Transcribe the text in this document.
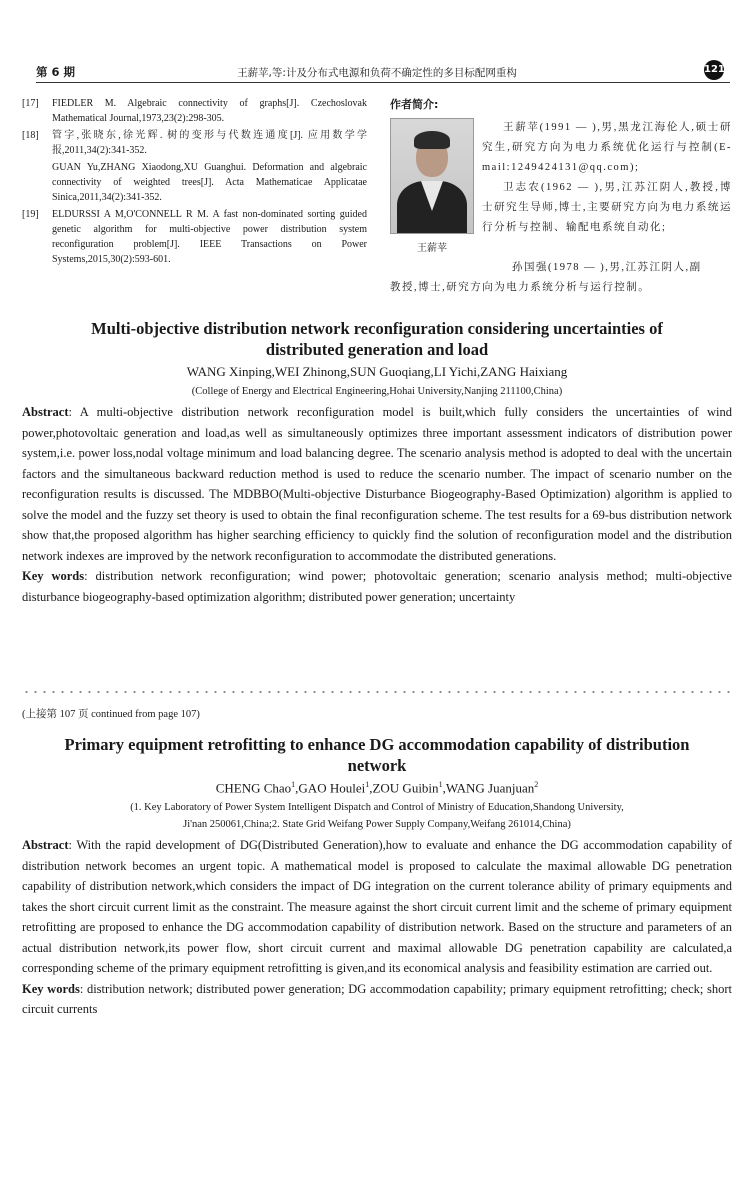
第 6 期	王薪苹,等:计及分布式电源和负荷不确定性的多目标配网重构	121
[17]	FIEDLER M. Algebraic connectivity of graphs[J]. Czechoslovak Mathematical Journal,1973,23(2):298-305.
[18]	管字,张晓东,徐光辉. 树的变形与代数连通度[J]. 应用数学学报,2011,34(2):341-352.
GUAN Yu,ZHANG Xiaodong,XU Guanghui. Deformation and algebraic connectivity of weighted trees[J]. Acta Mathematicae Applicatae Sinica,2011,34(2):341-352.
[19]	ELDURSSI A M,O'CONNELL R M. A fast non-dominated sorting guided genetic algorithm for multi-objective power distribution system reconfiguration problem[J]. IEEE Transactions on Power Systems,2015,30(2):593-601.
作者简介:
王薪苹

王薪苹(1991 — ),男,黑龙江海伦人,硕士研究生,研究方向为电力系统优化运行与控制(E-mail:1249424131@qq.com);

卫志农(1962 — ),男,江苏江阴人,教授,博士研究生导师,博士,主要研究方向为电力系统运行分析与控制、输配电系统自动化;

孙国强(1978 — ),男,江苏江阴人,副
教授,博士,研究方向为电力系统分析与运行控制。
Multi-objective distribution network reconfiguration considering uncertainties of distributed generation and load
WANG Xinping,WEI Zhinong,SUN Guoqiang,LI Yichi,ZANG Haixiang
(College of Energy and Electrical Engineering,Hohai University,Nanjing 211100,China)
Abstract: A multi-objective distribution network reconfiguration model is built,which fully considers the uncertainties of wind power,photovoltaic generation and load,as well as simultaneously optimizes three important assessment indicators of distribution power system,i.e. power loss,nodal voltage minimum and load balancing degree. The scenario analysis method is adopted to deal with the uncertain factors and the simultaneous backward reduction method is used to reduce the scenario number. The impact of scenario number on the reconfiguration results is discussed. The MDBBO(Multi-objective Disturbance Biogeography-Based Optimization) algorithm is applied to solve the model and the fuzzy set theory is used to obtain the final reconfiguration scheme. The test results for a 69-bus distribution network show that,the proposed algorithm has higher searching efficiency to quickly find the solution of reconfiguration model and the distribution network indexes are improved by the network reconfiguration to accommodate the distributed generations.
Key words: distribution network reconfiguration; wind power; photovoltaic generation; scenario analysis method; multi-objective disturbance biogeography-based optimization algorithm; distributed power generation; uncertainty
(上接第 107 页 continued from page 107)
Primary equipment retrofitting to enhance DG accommodation capability of distribution network
CHENG Chao$^1$,GAO Houlei$^1$,ZOU Guibin$^1$,WANG Juanjuan$^2$
(1. Key Laboratory of Power System Intelligent Dispatch and Control of Ministry of Education,Shandong University,
Ji'nan 250061,China;2. State Grid Weifang Power Supply Company,Weifang 261014,China)
Abstract: With the rapid development of DG(Distributed Generation),how to evaluate and enhance the DG accommodation capability of distribution network becomes an urgent topic. A mathematical model is proposed to calculate the maximal allowable DG penetration capability of distribution network,which considers the impact of DG integration on the current tolerance ability of primary equipments and takes the short circuit current limit as the constraint. The measure against the short circuit current limit and the scheme of primary equipment retrofitting are proposed to enhance the DG accommodation capability of distribution network. Based on the structure and parameters of an actual distribution network,its power flow, short circuit current and maximal allowable DG penetration capability are calculated,a corresponding scheme of the primary equipment retrofitting is given,and its economical analysis and feasibility estimation are carried out.
Key words: distribution network; distributed power generation; DG accommodation capability; primary equipment retrofitting; check; short circuit currents
